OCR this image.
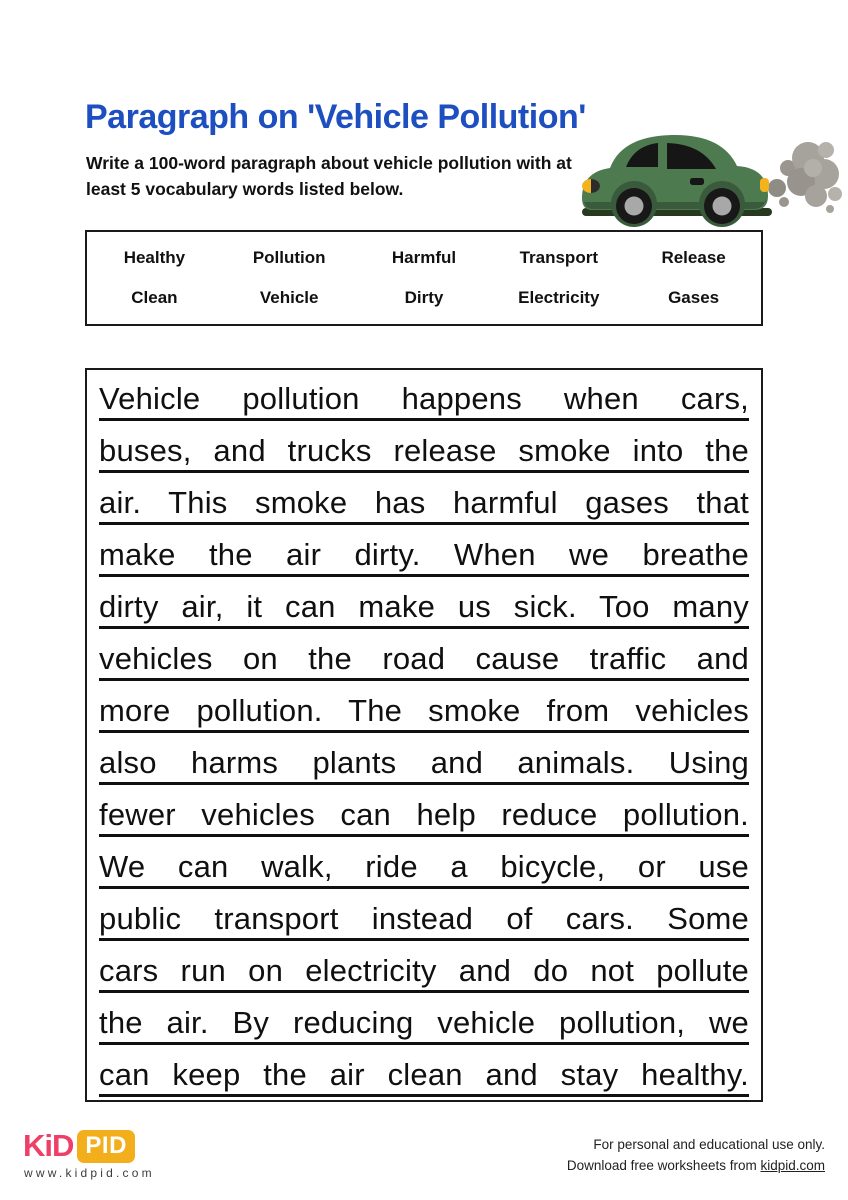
Paragraph on 'Vehicle Pollution'
Write a 100-word paragraph about vehicle pollution with at
least 5 vocabulary words listed below.
Healthy	Pollution	Harmful	Transport	Release
Clean	Vehicle	Dirty	Electricity	Gases
Vehicle pollution happens when cars,
buses, and trucks release smoke into the
air. This smoke has harmful gases that
make the air dirty. When we breathe
dirty air, it can make us sick. Too many
vehicles on the road cause traffic and
more pollution. The smoke from vehicles
also harms plants and animals. Using
fewer vehicles can help reduce pollution.
We can walk, ride a bicycle, or use
public transport instead of cars. Some
cars run on electricity and do not pollute
the air. By reducing vehicle pollution, we
can keep the air clean and stay healthy.
KiD PID
www.kidpid.com
For personal and educational use only.
Download free worksheets from kidpid.com
